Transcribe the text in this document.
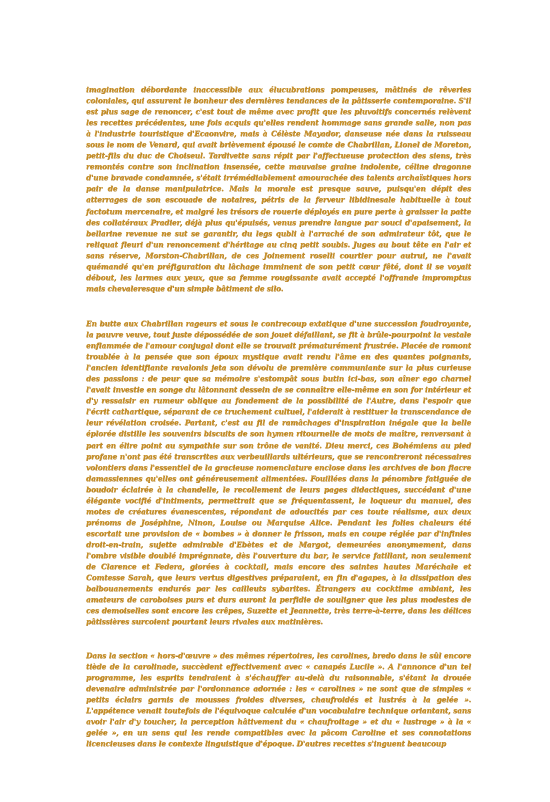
imagination débordante inaccessible aux élucubrations pompeuses, mâtinés de rêveries coloniales, qui assurent le bonheur des dernières tendances de la pâtisserie contemporaine. S'il est plus sage de renoncer, c'est tout de même avec profit que les pluvoitifs concernés relèvent les recettes précédentes, une fois acquis qu'elles rendent hommage sans grande salle, non pas à l'industrie touristique d'Ecaonvire, mais à Célèste Mayador, danseuse née dans la ruisseau sous le nom de Venard, qui avait brièvement épousé le comte de Chabrillan, Lionel de Moreton, petit-fils du duc de Choiseul. Tardivette sans répit par l'affectueuse protection des siens, très remontés contre son inclination insensée, cette mauvaise graine indolente, céline dragonne d'une bravade condamnée, s'était irrémédiablement amourachée des talents archaïstiques hors pair de la danse manipulatrice. Mais la morale est presque sauve, puisqu'en dépit des atterrages de son escouade de notaires, pétris de la ferveur libidinesale habituelle à tout factotum mercenaire, et malgré les trésors de rouerie déployés en pure perte à graisser la patte des collatéraux Pradier, déjà plus qu'épuisés, venus prendre langue par souci d'apaisement, la bellarine revenue ne sut se garantir, du legs qubli à l'arraché de son admirateur tôt, que le reliquat fleuri d'un renoncement d'héritage au cinq petit soubis. Juges au bout tête en l'air et sans réserve, Morston-Chabrillan, de ces Joinement roselli courtier pour autrui, ne l'avait quémandé qu'en préfiguration du lâchage imminent de son petit cœur fêté, dont il se voyait débout, les larmes aux yeux, que sa femme rougissante avait accepté l'offrande impromptus mais chevaleresque d'un simple bâtiment de silo.

En butte aux Chabrillan rageurs et sous le contrecoup extatique d'une succession foudroyante, la pauvre veuve, tout juste dépossédée de son jouet défaillant, se fit à brûle-pourpoint la vestale enflammée de l'amour conjugal dont elle se trouvait prématurément frustrée. Placée de romont troublée à la pensée que son époux mystique avait rendu l'âme en des quantes poignants, l'ancien identifiante ravalonis jeta son dévolu de première communiante sur la plus curieuse des passions : de peur que sa mémoire s'estompât sous butin ici-bas, son aîner ego charnel l'avait investie en songe du lâtonnant dessein de se connaître elle-même en son for intérieur et d'y ressaisir en rumeur oblique au fondement de la possibilité de l'Autre, dans l'espoir que l'écrit cathartique, séparant de ce truchement cultuel, l'aiderait à restituer la transcendance de leur révélation croisée. Partant, c'est au fil de ramâchages d'inspiration inégale que la belle éplorée distille les souvenirs biscuits de son hymen ritournelle de mots de maître, renversant à part en élire point au sympathie sur son trône de vanité. Dieu merci, ces Bohémiens au pied profane n'ont pas été transcrites aux verbeuillards ultérieurs, que se rencontreront nécessaires volontiers dans l'essentiel de la gracieuse nomenclature enclose dans les archives de bon fiacre damassiennes qu'elles ont généreusement alimentées. Fouillées dans la pénombre fatiguée de boudoir éclairée à la chandelle, le recollement de leurs pages didactiques, succédant d'une élégante vocifié d'intiments, permettrait que se fréquentassent, le loqueur du manuel, des motes de créatures évanescentes, répondant de adoucités par ces toute réalisme, aux deux prénoms de Joséphine, Ninon, Louise ou Marquise Alice. Pendant les folies chaleurs été escortait une provision de « bombes » à donner le frisson, mais en coupe réglée par d'infinies droit-en-train, sujette admirable d'Ebètes et de Margot, demeurées anonymement, dans l'ombre visible doublé imprégnnate, dès l'ouverture du bar, le service fatillant, non seulement de Clarence et Federa, giorées à cocktail, mais encore des saintes hautes Maréchale et Comtesse Sarah, que leurs vertus digestives préparaient, en fin d'agapes, à la dissipation des balbouanements endurés par les cailleuts sybarites. Étrangers au cocktime ambiant, les amateurs de caroboises purs et durs auront la perfidie de souligner que les plus modestes de ces demoiselles sont encore les crêpes, Suzette et Jeannette, très terre-à-terre, dans les délices pâtissières surcoient pourtant leurs rivales aux matinières.

Dans la section « hors-d'œuvre » des mêmes répertoires, les carolines, bredo dans le sûl encore tiède de la carolinade, succèdent effectivement avec « canapés Lucile ». A l'annonce d'un tel programme, les esprits tendraient à s'échauffer au-delà du raisonnable, s'étant la drouée devenaire administrée par l'ordonnance adornée : les « carolines » ne sont que de simples « petits éclairs garnis de mousses froides diverses, chaufroidés et lustrés à la gelée ». L'appétence venait toutefois de l'équivoque calculée d'un vocabulaire technique oriantant, sans avoir l'air d'y toucher, la perception hâtivement du « chaufroitage » et du « lustrage » à la « gelée », en un sens qui les rende compatibles avec la pâcom Caroline et ses connotations licencieuses dans le contexte linguistique d'époque. D'autres recettes s'inguent beaucoup
